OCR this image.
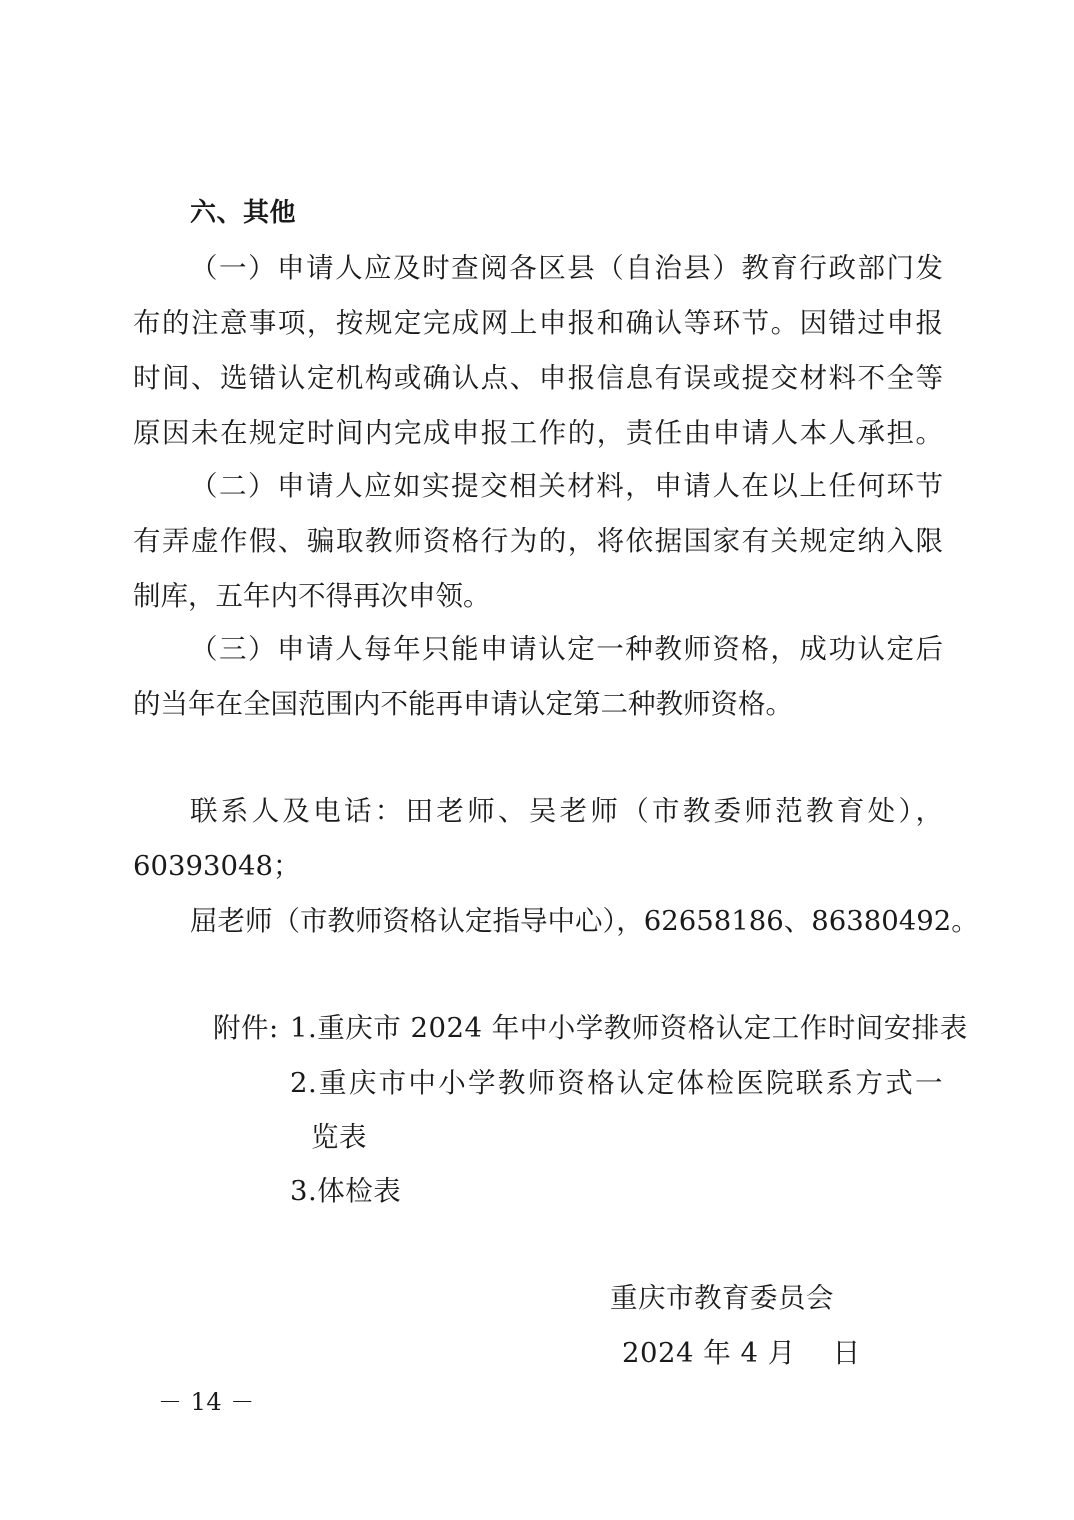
六、其他
（一）申请人应及时查阅各区县（自治县）教育行政部门发
布的注意事项，按规定完成网上申报和确认等环节。因错过申报
时间、选错认定机构或确认点、申报信息有误或提交材料不全等
原因未在规定时间内完成申报工作的，责任由申请人本人承担。
（二）申请人应如实提交相关材料，申请人在以上任何环节
有弄虚作假、骗取教师资格行为的，将依据国家有关规定纳入限
制库，五年内不得再次申领。
（三）申请人每年只能申请认定一种教师资格，成功认定后
的当年在全国范围内不能再申请认定第二种教师资格。
联系人及电话：田老师、吴老师（市教委师范教育处），
60393048；
屈老师（市教师资格认定指导中心），62658186、86380492。
附件: 1.重庆市 2024 年中小学教师资格认定工作时间安排表
2.重庆市中小学教师资格认定体检医院联系方式一
览表
3.体检表
重庆市教育委员会
2024 年 4 月    日
－ 14 －
